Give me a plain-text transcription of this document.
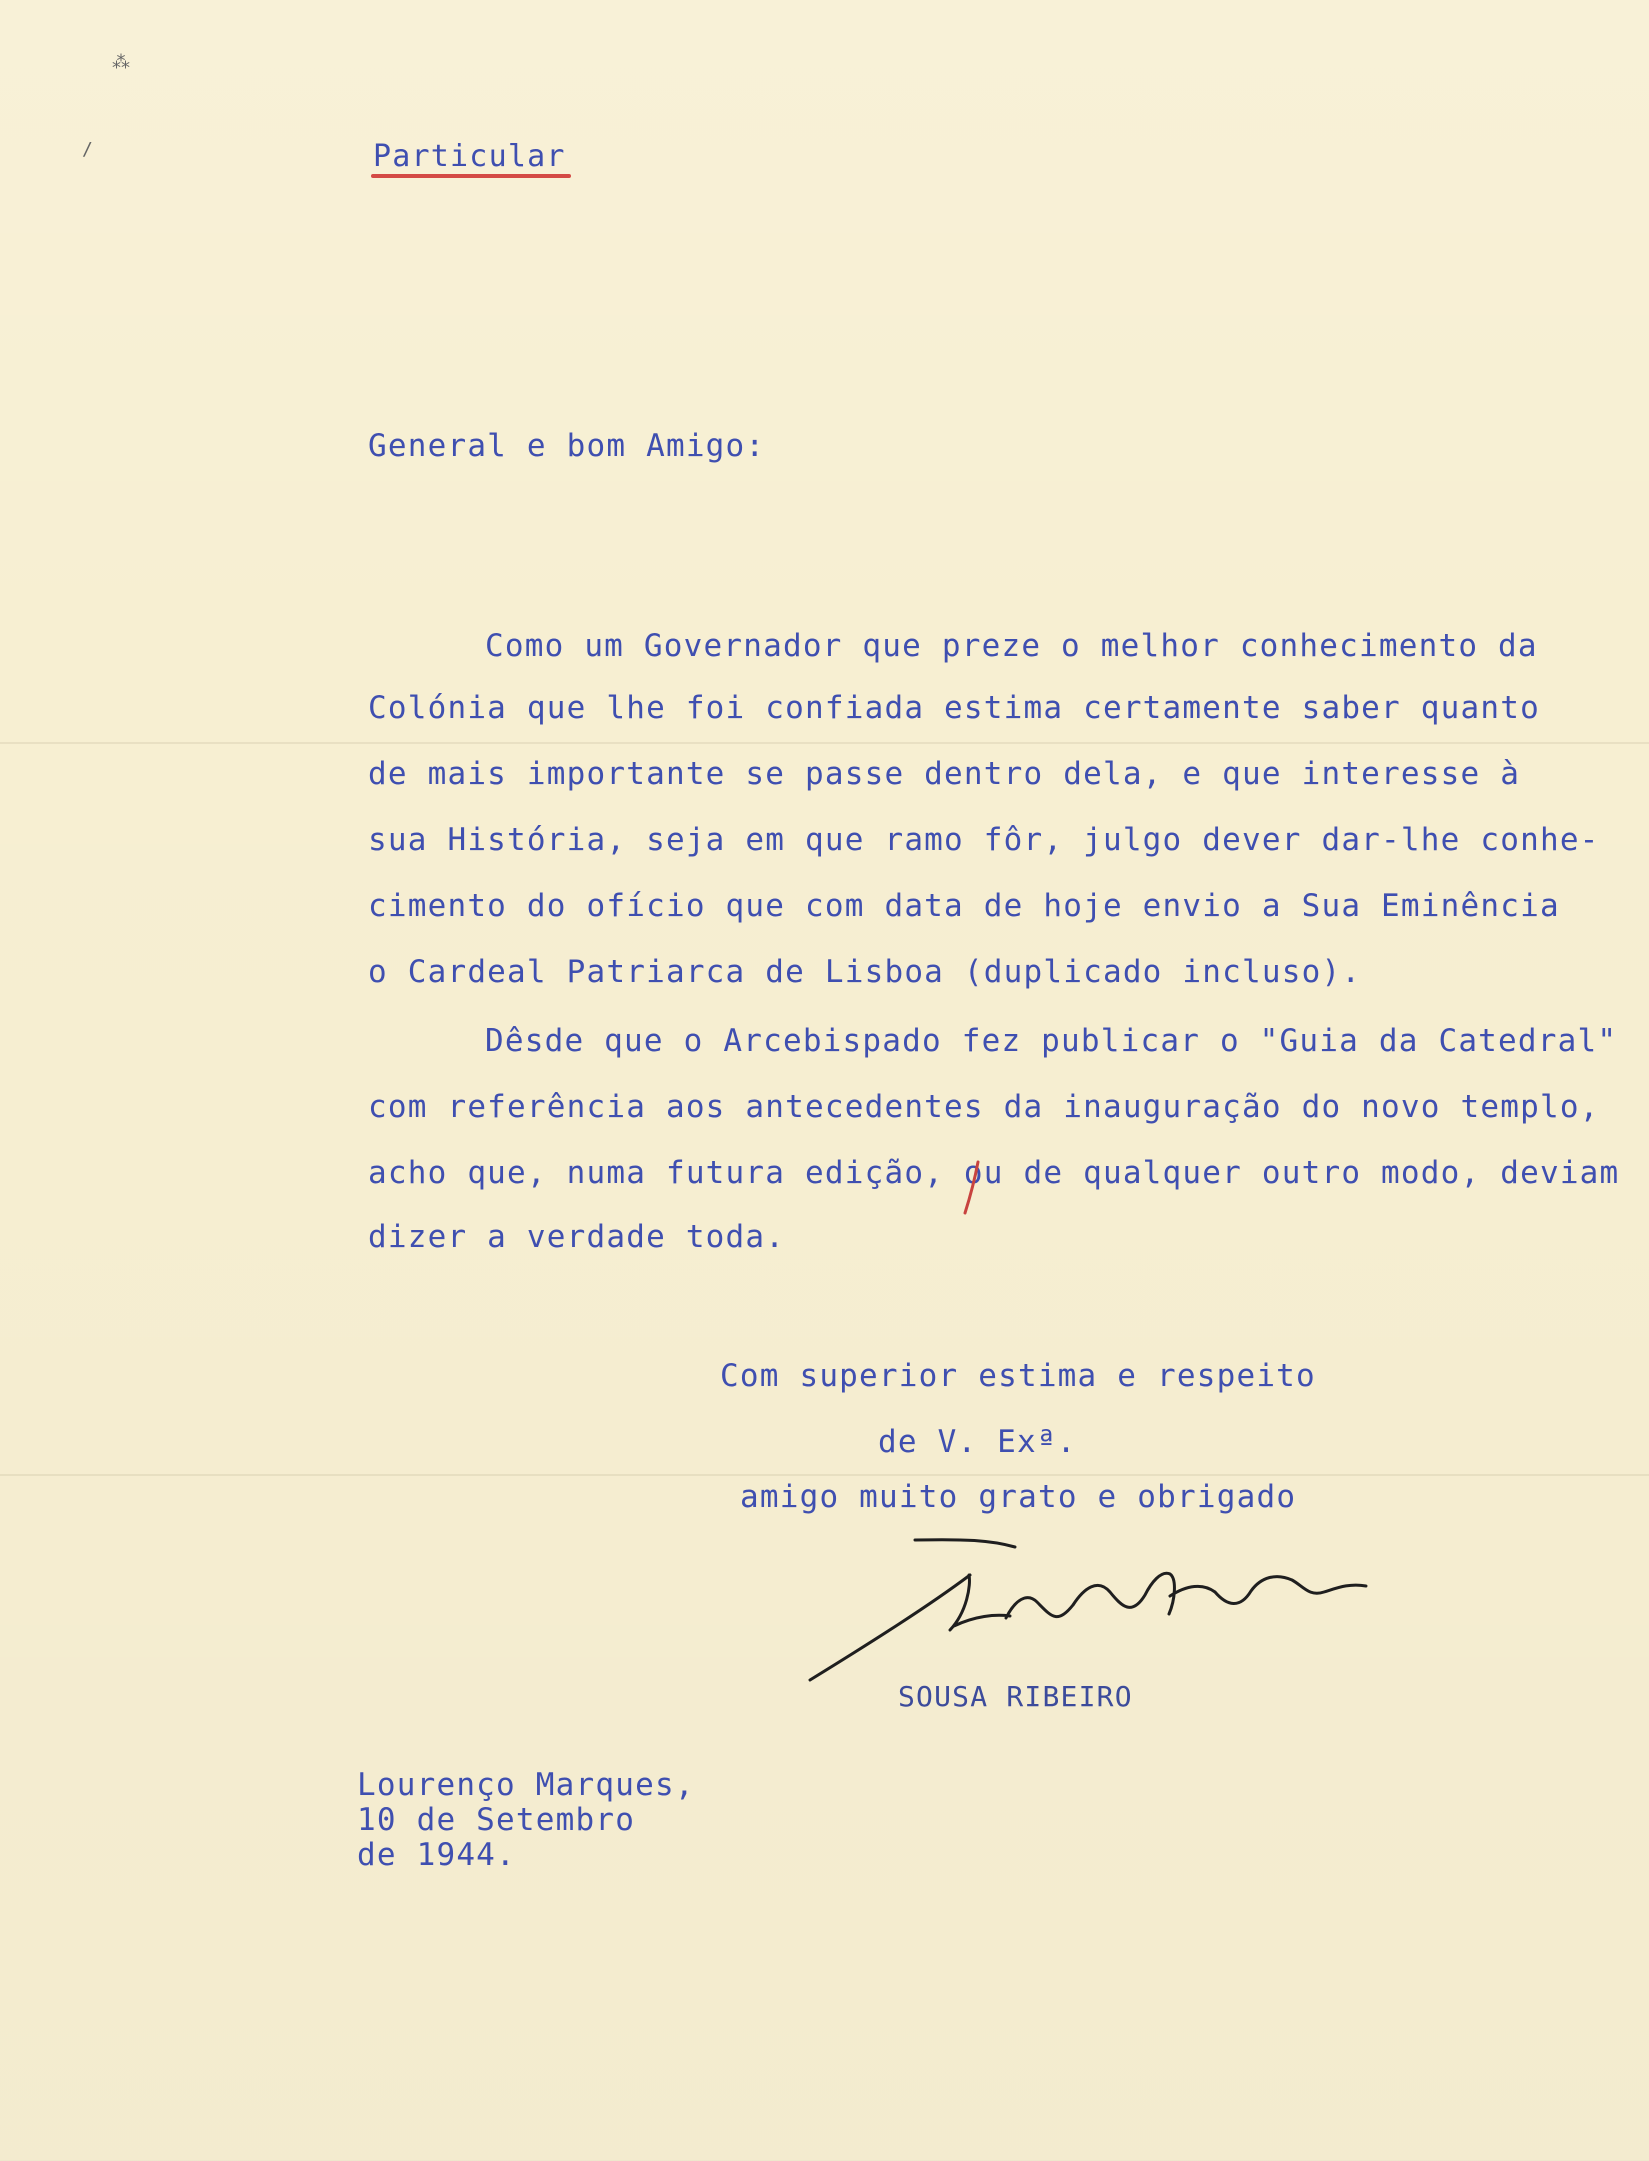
⁂
/	Particular
General e bom Amigo:
Como um Governador que preze o melhor conhecimento da
Colónia que lhe foi confiada estima certamente saber quanto
de mais importante se passe dentro dela, e que interesse à
sua História, seja em que ramo fôr, julgo dever dar-lhe conhe-
cimento do ofício que com data de hoje envio a Sua Eminência
o Cardeal Patriarca de Lisboa (duplicado incluso).
Dêsde que o Arcebispado fez publicar o "Guia da Catedral"
com referência aos antecedentes da inauguração do novo templo,
acho que, numa futura edição, ou de qualquer outro modo, deviam
dizer a verdade toda.
Com superior estima e respeito
de V. Exª.
amigo muito grato e obrigado
SOUSA RIBEIRO
Lourenço Marques,
10 de Setembro
de 1944.
